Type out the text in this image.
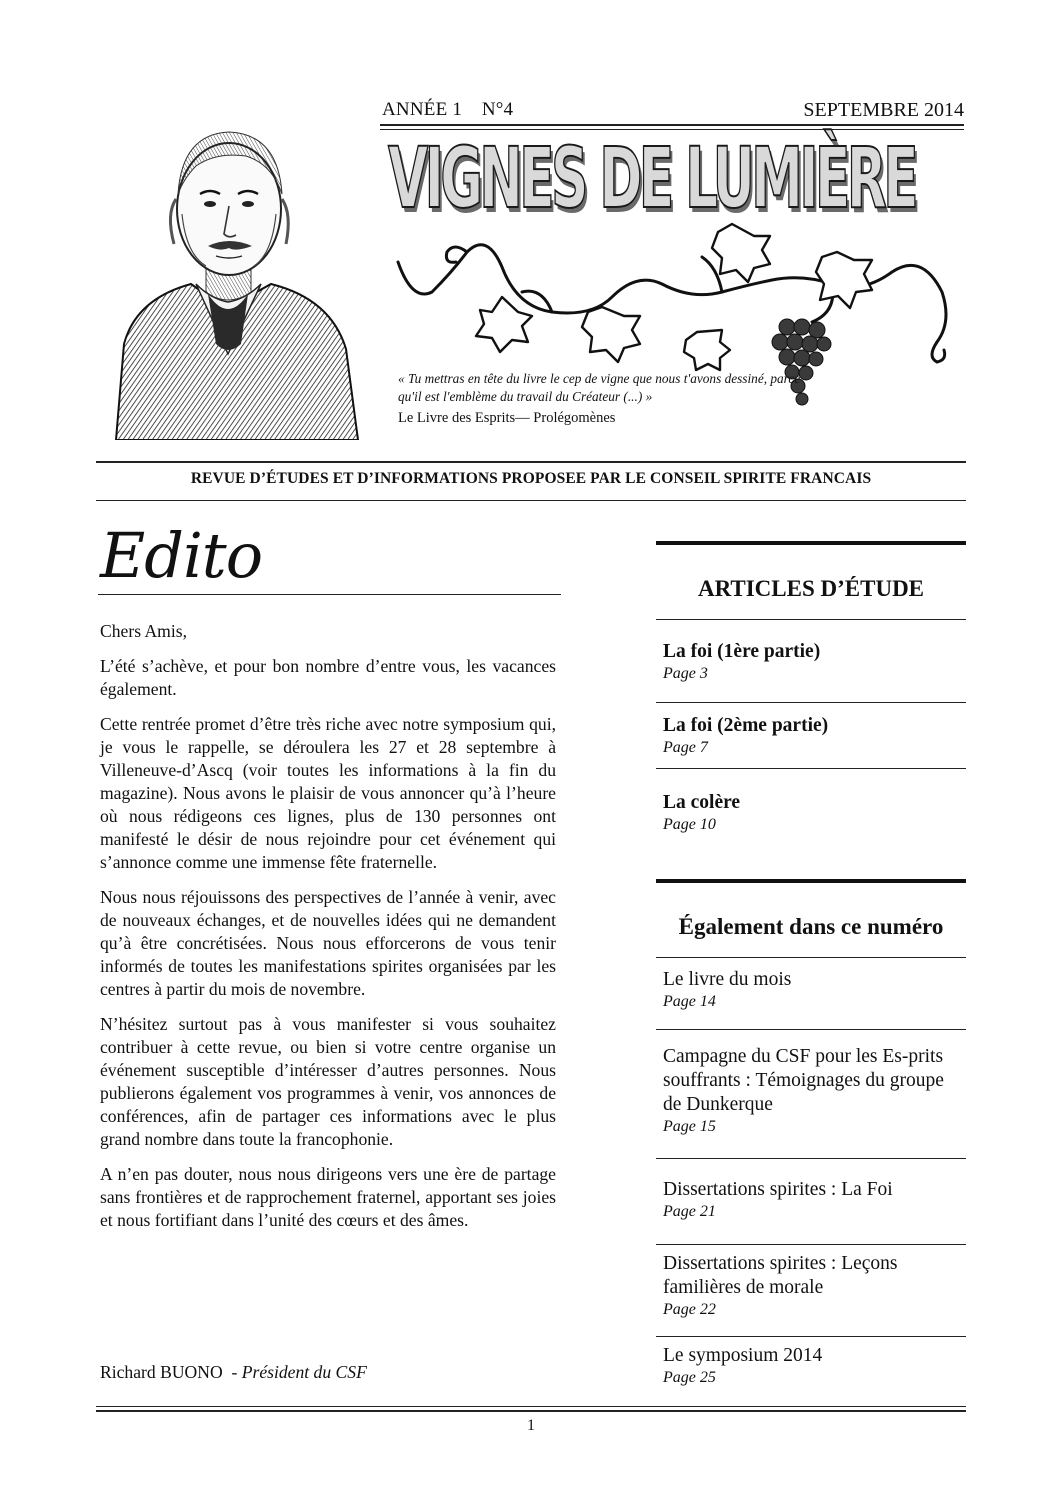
ANNÉE 1    N°4	SEPTEMBRE 2014
VIGNES DE LUMIÈRE
« Tu mettras en tête du livre le cep de vigne que nous t'avons dessiné, parce qu'il est l'emblème du travail du Créateur (...) »
Le Livre des Esprits— Prolégomènes
REVUE D’ÉTUDES ET D’INFORMATIONS PROPOSEE PAR LE CONSEIL SPIRITE FRANCAIS
Edito

Chers Amis,

L’été s’achève, et pour bon nombre d’entre vous, les vacances également.

Cette rentrée promet d’être très riche avec notre symposium qui, je vous le rappelle, se déroulera les 27 et 28 septembre à Villeneuve-d’Ascq (voir toutes les informations à la fin du magazine). Nous avons le plaisir de vous annoncer qu’à l’heure où nous rédigeons ces lignes, plus de 130 personnes ont manifesté le désir de nous rejoindre pour cet événement qui s’annonce comme une immense fête fraternelle.

Nous nous réjouissons des perspectives de l’année à venir, avec de nouveaux échanges, et de nouvelles idées qui ne demandent qu’à être concrétisées. Nous nous efforcerons de vous tenir informés de toutes les manifestations spirites organisées par les centres à partir du mois de novembre.

N’hésitez surtout pas à vous manifester si vous souhaitez contribuer à cette revue, ou bien si votre centre organise un événement susceptible d’intéresser d’autres personnes. Nous publierons également vos programmes à venir, vos annonces de conférences, afin de partager ces informations avec le plus grand nombre dans toute la francophonie.

A n’en pas douter, nous nous dirigeons vers une ère de partage sans frontières et de rapprochement fraternel, apportant ses joies et nous fortifiant dans l’unité des cœurs et des âmes.

Richard BUONO  - Président du CSF
ARTICLES D’ÉTUDE
La foi (1ère partie)
Page 3
La foi (2ème partie)
Page 7
La colère
Page 10
Également dans ce numéro
Le livre du mois
Page 14
Campagne du CSF pour les Es-prits souffrants : Témoignages du groupe de Dunkerque
Page 15
Dissertations spirites : La Foi
Page 21
Dissertations spirites : Leçons familières de morale
Page 22
Le symposium 2014
Page 25
1
